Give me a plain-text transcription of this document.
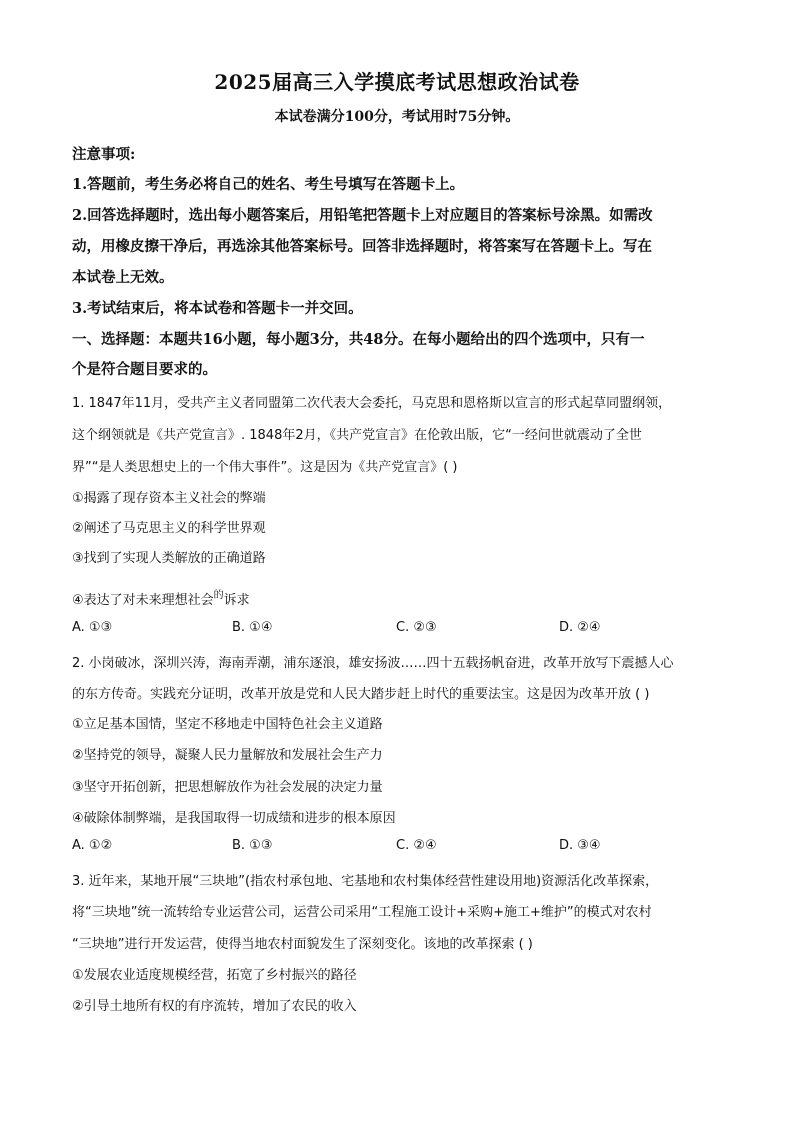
2025届高三入学摸底考试思想政治试卷
本试卷满分100分，考试用时75分钟。
注意事项:
1.答题前，考生务必将自己的姓名、考生号填写在答题卡上。
2.回答选择题时，选出每小题答案后，用铅笔把答题卡上对应题目的答案标号涂黑。如需改
动，用橡皮擦干净后，再选涂其他答案标号。回答非选择题时，将答案写在答题卡上。写在
本试卷上无效。
3.考试结束后，将本试卷和答题卡一并交回。
一、选择题：本题共16小题，每小题3分，共48分。在每小题给出的四个选项中，只有一
个是符合题目要求的。
1. 1847年11月，受共产主义者同盟第二次代表大会委托，马克思和恩格斯以宣言的形式起草同盟纲领，
这个纲领就是《共产党宣言》. 1848年2月，《共产党宣言》在伦敦出版，它“一经问世就震动了全世
界”“是人类思想史上的一个伟大事件”。这是因为《共产党宣言》( )
①揭露了现存资本主义社会的弊端
②阐述了马克思主义的科学世界观
③找到了实现人类解放的正确道路
④表达了对未来理想社会$^的$诉求
A. ①③	B. ①④	C. ②③	D. ②④
2. 小岗破冰，深圳兴涛，海南弄潮，浦东逐浪，雄安扬波……四十五载扬帆奋进，改革开放写下震撼人心
的东方传奇。实践充分证明，改革开放是党和人民大踏步赶上时代的重要法宝。这是因为改革开放 ( )
①立足基本国情，坚定不移地走中国特色社会主义道路
②坚持党的领导，凝聚人民力量解放和发展社会生产力
③坚守开拓创新，把思想解放作为社会发展的决定力量
④破除体制弊端，是我国取得一切成绩和进步的根本原因
A. ①②	B. ①③	C. ②④	D. ③④
3. 近年来，某地开展“三块地”(指农村承包地、宅基地和农村集体经营性建设用地)资源活化改革探索，
将“三块地”统一流转给专业运营公司，运营公司采用“工程施工设计+采购+施工+维护”的模式对农村
“三块地”进行开发运营，使得当地农村面貌发生了深刻变化。该地的改革探索 ( )
①发展农业适度规模经营，拓宽了乡村振兴的路径
②引导土地所有权的有序流转，增加了农民的收入
